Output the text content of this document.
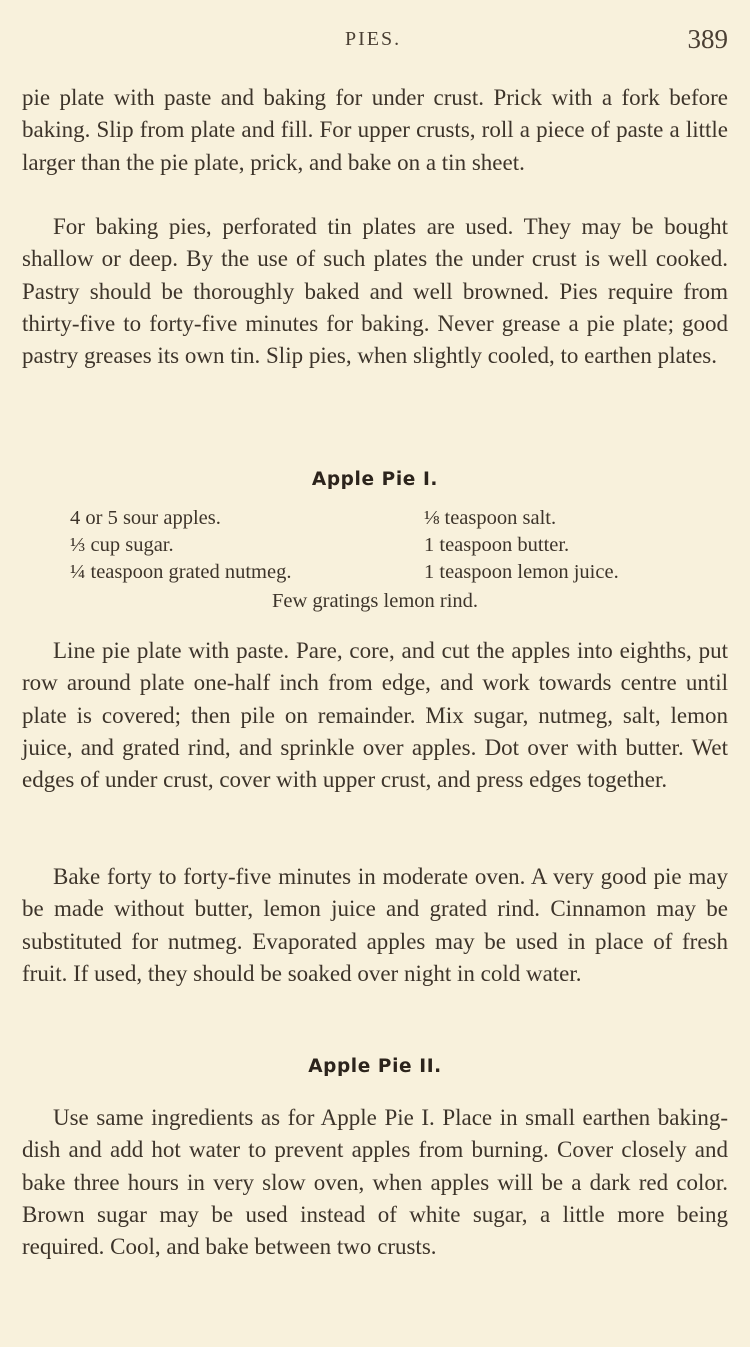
PIES.	389

pie plate with paste and baking for under crust. Prick with a fork before baking. Slip from plate and fill. For upper crusts, roll a piece of paste a little larger than the pie plate, prick, and bake on a tin sheet.

For baking pies, perforated tin plates are used. They may be bought shallow or deep. By the use of such plates the under crust is well cooked. Pastry should be thoroughly baked and well browned. Pies require from thirty-five to forty-five minutes for baking. Never grease a pie plate; good pastry greases its own tin. Slip pies, when slightly cooled, to earthen plates.

Apple Pie I.
4 or 5 sour apples.
⅓ cup sugar.
¼ teaspoon grated nutmeg.
⅛ teaspoon salt.
1 teaspoon butter.
1 teaspoon lemon juice.
Few gratings lemon rind.

Line pie plate with paste. Pare, core, and cut the apples into eighths, put row around plate one-half inch from edge, and work towards centre until plate is covered; then pile on remainder. Mix sugar, nutmeg, salt, lemon juice, and grated rind, and sprinkle over apples. Dot over with butter. Wet edges of under crust, cover with upper crust, and press edges together.

Bake forty to forty-five minutes in moderate oven. A very good pie may be made without butter, lemon juice and grated rind. Cinnamon may be substituted for nutmeg. Evaporated apples may be used in place of fresh fruit. If used, they should be soaked over night in cold water.

Apple Pie II.

Use same ingredients as for Apple Pie I. Place in small earthen baking-dish and add hot water to prevent apples from burning. Cover closely and bake three hours in very slow oven, when apples will be a dark red color. Brown sugar may be used instead of white sugar, a little more being required. Cool, and bake between two crusts.
